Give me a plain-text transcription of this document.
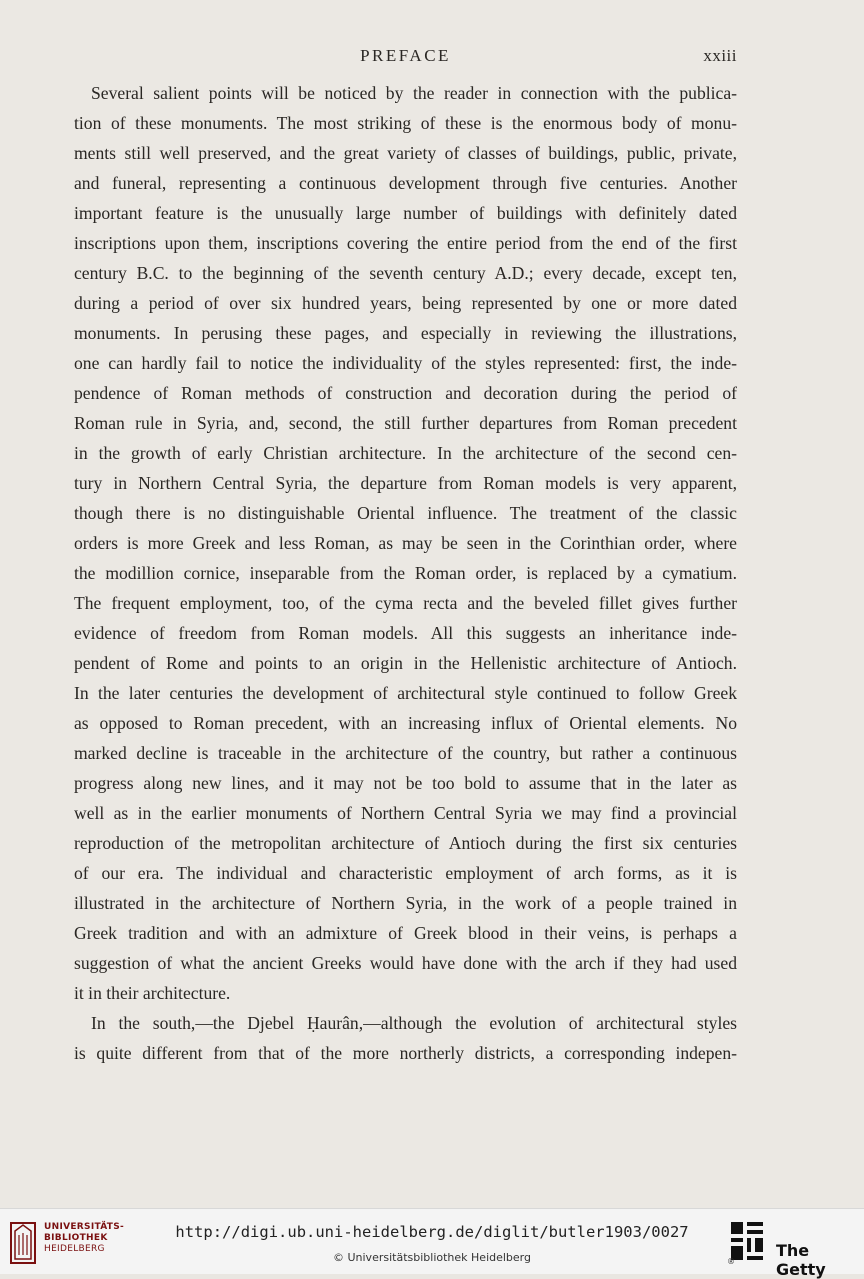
PREFACE	xxiii
Several salient points will be noticed by the reader in connection with the publica-
tion of these monuments. The most striking of these is the enormous body of monu-
ments still well preserved, and the great variety of classes of buildings, public, private,
and funeral, representing a continuous development through five centuries. Another
important feature is the unusually large number of buildings with definitely dated
inscriptions upon them, inscriptions covering the entire period from the end of the first
century B.C. to the beginning of the seventh century A.D.; every decade, except ten,
during a period of over six hundred years, being represented by one or more dated
monuments. In perusing these pages, and especially in reviewing the illustrations,
one can hardly fail to notice the individuality of the styles represented: first, the inde-
pendence of Roman methods of construction and decoration during the period of
Roman rule in Syria, and, second, the still further departures from Roman precedent
in the growth of early Christian architecture. In the architecture of the second cen-
tury in Northern Central Syria, the departure from Roman models is very apparent,
though there is no distinguishable Oriental influence. The treatment of the classic
orders is more Greek and less Roman, as may be seen in the Corinthian order, where
the modillion cornice, inseparable from the Roman order, is replaced by a cymatium.
The frequent employment, too, of the cyma recta and the beveled fillet gives further
evidence of freedom from Roman models. All this suggests an inheritance inde-
pendent of Rome and points to an origin in the Hellenistic architecture of Antioch.
In the later centuries the development of architectural style continued to follow Greek
as opposed to Roman precedent, with an increasing influx of Oriental elements. No
marked decline is traceable in the architecture of the country, but rather a continuous
progress along new lines, and it may not be too bold to assume that in the later as
well as in the earlier monuments of Northern Central Syria we may find a provincial
reproduction of the metropolitan architecture of Antioch during the first six centuries
of our era. The individual and characteristic employment of arch forms, as it is
illustrated in the architecture of Northern Syria, in the work of a people trained in
Greek tradition and with an admixture of Greek blood in their veins, is perhaps a
suggestion of what the ancient Greeks would have done with the arch if they had used
it in their architecture.
In the south,—the Djebel Ḥaurân,—although the evolution of architectural styles
is quite different from that of the more northerly districts, a corresponding indepen-
UNIVERSITÄTS-
BIBLIOTHEK
HEIDELBERG
http://digi.ub.uni-heidelberg.de/diglit/butler1903/0027
© Universitätsbibliothek Heidelberg	®
The Getty
